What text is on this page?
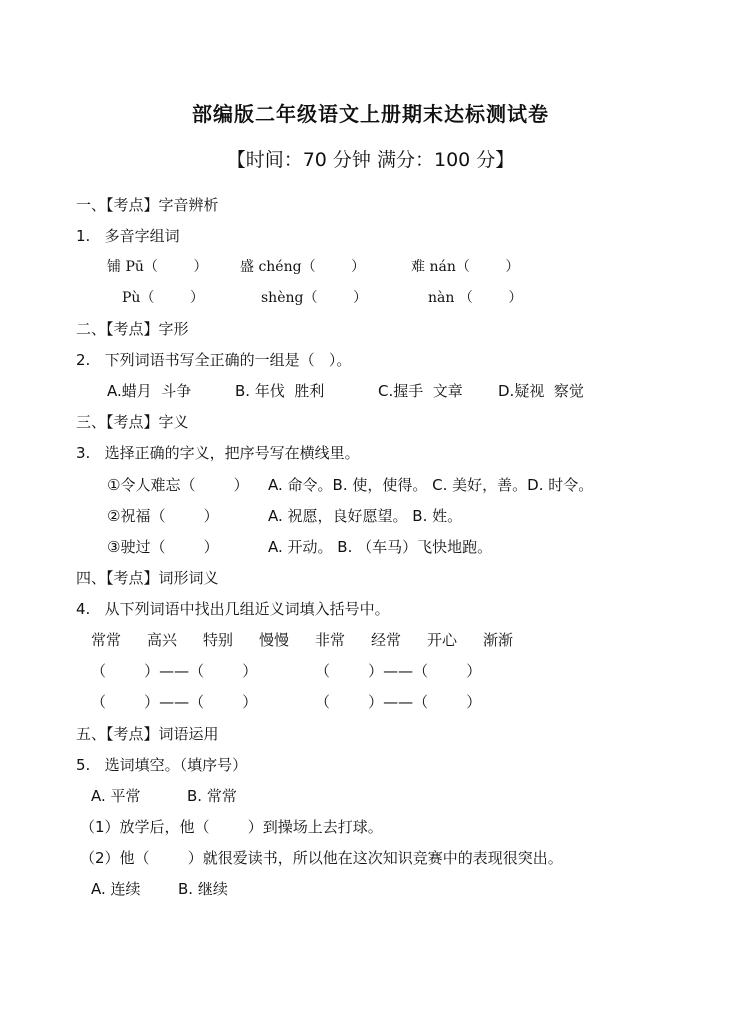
部编版二年级语文上册期末达标测试卷
【时间：70 分钟 满分：100 分】
一、【考点】字音辨析
1.   多音字组词
铺 Pū（        ） 盛 chéng（        ）	难 nán（        ）
Pù（        ）	shèng（        ）	nàn （        ）
二、【考点】字形
2.   下列词语书写全正确的一组是（   ）。
A.蜡月  斗争	B. 年伐  胜利	C.握手  文章 D.疑视  察觉
三、【考点】字义
3.   选择正确的字义，把序号写在横线里。
①令人难忘（        ） A. 命令。B. 使，使得。 C. 美好，善。D. 时令。
②祝福（        ）	A. 祝愿，良好愿望。 B. 姓。
③驶过（        ）	A. 开动。 B. （车马）飞快地跑。
四、【考点】词形词义
4.   从下列词语中找出几组近义词填入括号中。
常常 高兴 特别 慢慢 非常 经常 开心 渐渐
（        ）——（        ）	（        ）——（        ）
（        ）——（        ）	（        ）——（        ）
五、【考点】词语运用
5.   选词填空。（填序号）
A. 平常	B. 常常
（1）放学后，他（        ）到操场上去打球。
（2）他（        ）就很爱读书，所以他在这次知识竞赛中的表现很突出。
A. 连续 B. 继续
